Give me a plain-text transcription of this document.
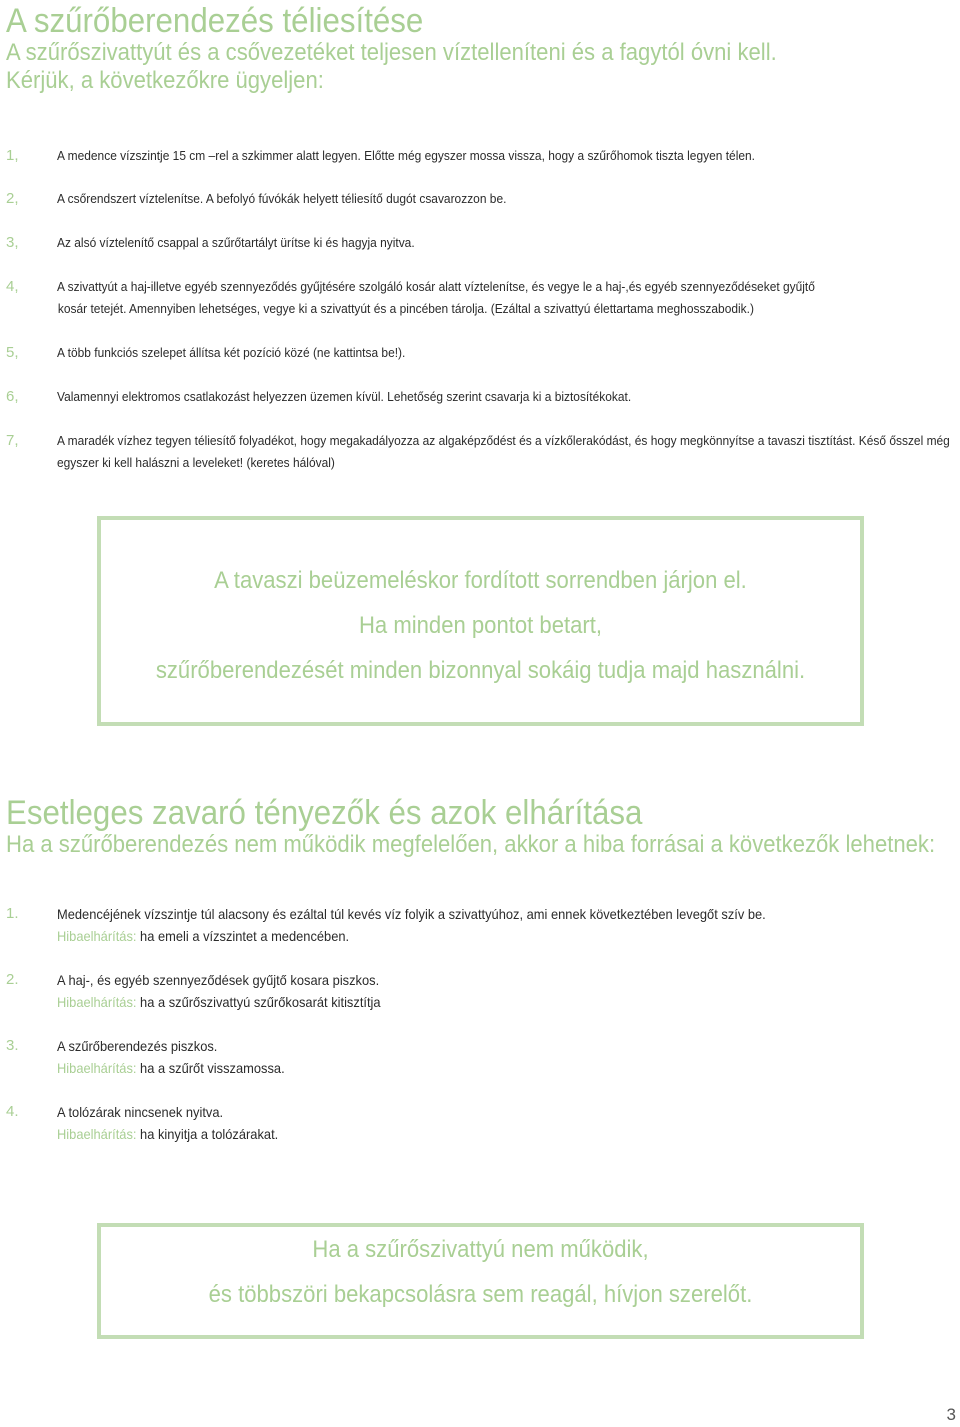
A szűrőberendezés téliesítése
A szűrőszivattyút és a csővezetéket teljesen víztelleníteni és a fagytól óvni kell.
Kérjük, a következőkre ügyeljen:
1,	A medence vízszintje 15 cm –rel a szkimmer alatt legyen. Előtte még egyszer mossa vissza, hogy a szűrőhomok tiszta legyen télen.
2,	A csőrendszert víztelenítse. A befolyó fúvókák helyett téliesítő dugót csavarozzon be.
3,	Az alsó víztelenítő csappal a szűrőtartályt ürítse ki és hagyja nyitva.
4,	A szivattyút a haj-illetve egyéb szennyeződés gyűjtésére szolgáló kosár alatt víztelenítse, és vegye le a haj-,és egyéb szennyeződéseket gyűjtő
kosár tetejét. Amennyiben lehetséges, vegye ki a szivattyút és a pincében tárolja. (Ezáltal a szivattyú élettartama meghosszabodik.)
5,	A több funkciós szelepet állítsa két pozíció közé (ne kattintsa be!).
6,	Valamennyi elektromos csatlakozást helyezzen üzemen kívül. Lehetőség szerint csavarja ki a biztosítékokat.
7,	A maradék vízhez tegyen téliesítő folyadékot, hogy megakadályozza az algaképződést és a vízkőlerakódást, és hogy megkönnyítse a tavaszi tisztítást. Késő ősszel még
egyszer ki kell halászni a leveleket! (keretes hálóval)

A tavaszi beüzemeléskor fordított sorrendben járjon el.

Ha minden pontot betart,

szűrőberendezését minden bizonnyal sokáig tudja majd használni.

Esetleges zavaró tényezők és azok elhárítása
Ha a szűrőberendezés nem működik megfelelően, akkor a hiba forrásai a következők lehetnek:
1.	Medencéjének vízszintje túl alacsony és ezáltal túl kevés víz folyik a szivattyúhoz, ami ennek következtében levegőt szív be.
Hibaelhárítás: ha emeli a vízszintet a medencében.
2.	A haj-, és egyéb szennyeződések gyűjtő kosara piszkos.
Hibaelhárítás: ha a szűrőszivattyú szűrőkosarát kitisztítja
3.	A szűrőberendezés piszkos.
Hibaelhárítás: ha a szűrőt visszamossa.
4.	A tolózárak nincsenek nyitva.
Hibaelhárítás: ha kinyitja a tolózárakat.

Ha a szűrőszivattyú nem működik,

és többszöri bekapcsolásra sem reagál, hívjon szerelőt.

3
